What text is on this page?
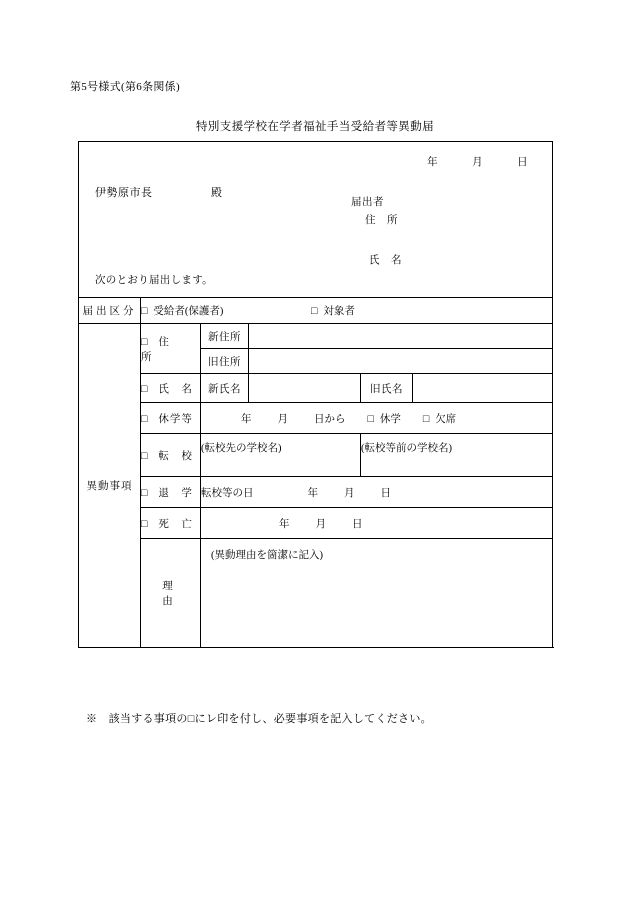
第5号様式(第6条関係)
特別支援学校在学者福祉手当受給者等異動届
年	月	日
伊勢原市長	殿
届出者
住　所
氏　名
次のとおり届出します。

届出区分	□ 受給者(保護者) □ 対象者				
異動事項	□ 住　　所	新住所			
		旧住所			
	□ 氏　名	新氏名		旧氏名	
	□ 休学等	年 月 日から □ 休学 □ 欠席			
	□ 転　校	(転校先の学校名)		(転校等前の学校名)	
	□ 退　学	転校等の日 年 月 日			
	□ 死　亡	年 月 日			
	理　　由	(異動理由を箇潔に記入)			
※　該当する事項の□にレ印を付し、必要事項を記入してください。
